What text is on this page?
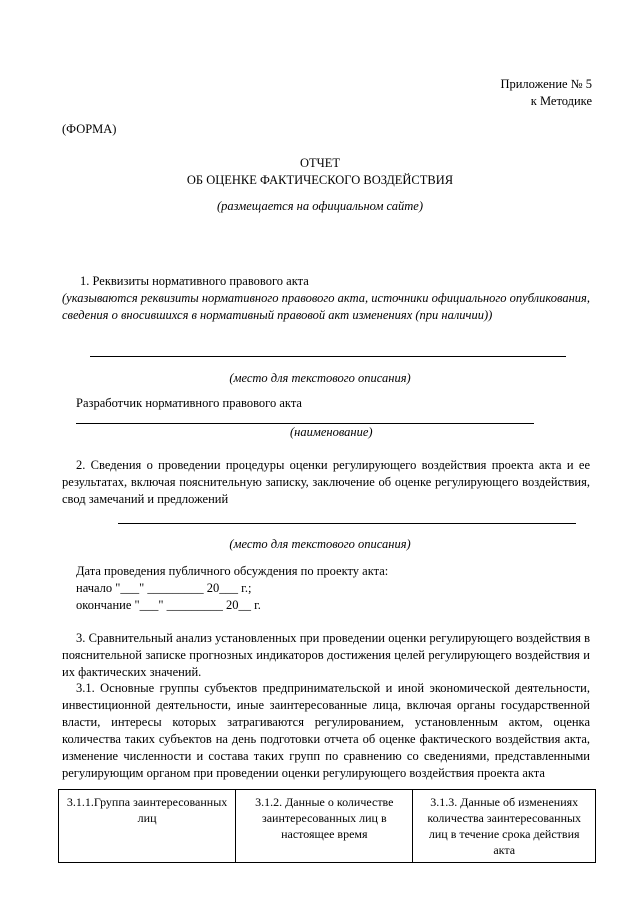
Приложение № 5
к Методике
(ФОРМА)
ОТЧЕТ
ОБ ОЦЕНКЕ ФАКТИЧЕСКОГО ВОЗДЕЙСТВИЯ
(размещается на официальном сайте)
1. Реквизиты нормативного правового акта
(указываются реквизиты нормативного правового акта, источники официального опубликования, сведения о вносившихся в нормативный правовой акт изменениях (при наличии))
(место для текстового описания)
Разработчик нормативного правового акта
(наименование)
2. Сведения о проведении процедуры оценки регулирующего воздействия проекта акта и ее результатах, включая пояснительную записку, заключение об оценке регулирующего воздействия, свод замечаний и предложений
(место для текстового описания)
Дата проведения публичного обсуждения по проекту акта:
начало "___" _________ 20___ г.;
окончание "___" _________ 20__ г.
3. Сравнительный анализ установленных при проведении оценки регулирующего воздействия в пояснительной записке прогнозных индикаторов достижения целей регулирующего воздействия и их фактических значений.
3.1. Основные группы субъектов предпринимательской и иной экономической деятельности, инвестиционной деятельности, иные заинтересованные лица, включая органы государственной власти, интересы которых затрагиваются регулированием, установленным актом, оценка количества таких субъектов на день подготовки отчета об оценке фактического воздействия акта, изменение численности и состава таких групп по сравнению со сведениями, представленными регулирующим органом при проведении оценки регулирующего воздействия проекта акта
3.1.1.Группа заинтересованных лиц	3.1.2. Данные о количестве заинтересованных лиц в настоящее время	3.1.3. Данные об изменениях количества заинтересованных лиц в течение срока действия акта
